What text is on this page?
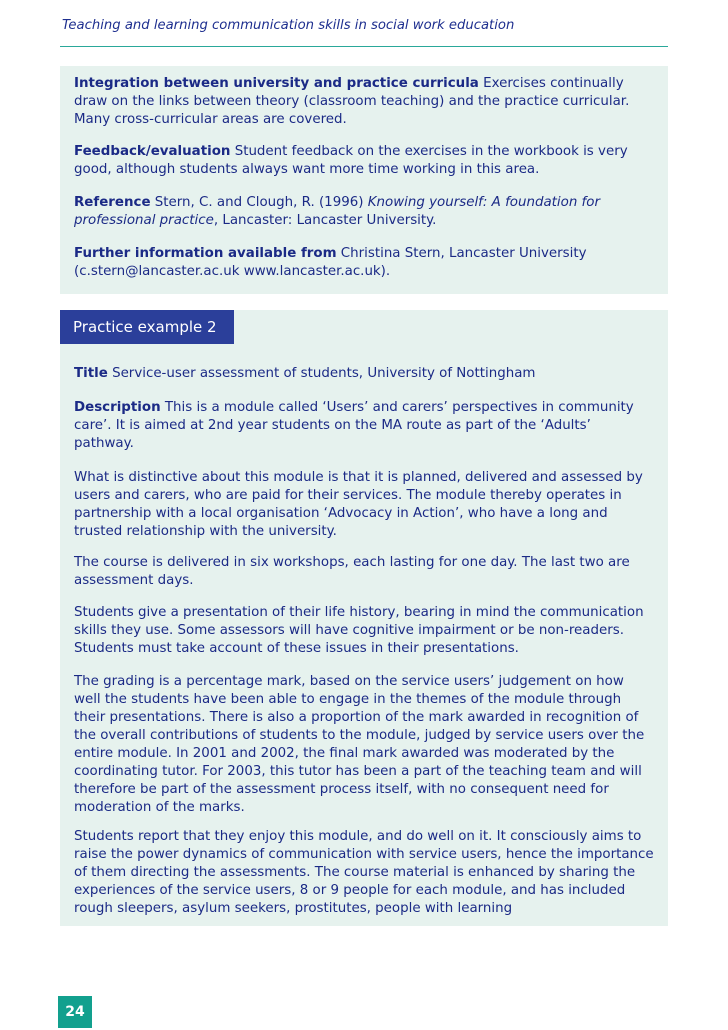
Teaching and learning communication skills in social work education

Integration between university and practice curricula Exercises continually draw on the links between theory (classroom teaching) and the practice curricular. Many cross-curricular areas are covered.

Feedback/evaluation Student feedback on the exercises in the workbook is very good, although students always want more time working in this area.

Reference Stern, C. and Clough, R. (1996) Knowing yourself: A foundation for professional practice, Lancaster: Lancaster University.

Further information available from Christina Stern, Lancaster University (c.stern@lancaster.ac.uk www.lancaster.ac.uk).

Practice example 2

Title Service-user assessment of students, University of Nottingham

Description This is a module called ‘Users’ and carers’ perspectives in community care’. It is aimed at 2nd year students on the MA route as part of the ‘Adults’ pathway.

What is distinctive about this module is that it is planned, delivered and assessed by users and carers, who are paid for their services. The module thereby operates in partnership with a local organisation ‘Advocacy in Action’, who have a long and trusted relationship with the university.

The course is delivered in six workshops, each lasting for one day. The last two are assessment days.

Students give a presentation of their life history, bearing in mind the communication skills they use. Some assessors will have cognitive impairment or be non-readers. Students must take account of these issues in their presentations.

The grading is a percentage mark, based on the service users’ judgement on how well the students have been able to engage in the themes of the module through their presentations. There is also a proportion of the mark awarded in recognition of the overall contributions of students to the module, judged by service users over the entire module. In 2001 and 2002, the final mark awarded was moderated by the coordinating tutor. For 2003, this tutor has been a part of the teaching team and will therefore be part of the assessment process itself, with no consequent need for moderation of the marks.

Students report that they enjoy this module, and do well on it. It consciously aims to raise the power dynamics of communication with service users, hence the importance of them directing the assessments. The course material is enhanced by sharing the experiences of the service users, 8 or 9 people for each module, and has included rough sleepers, asylum seekers, prostitutes, people with learning

24
